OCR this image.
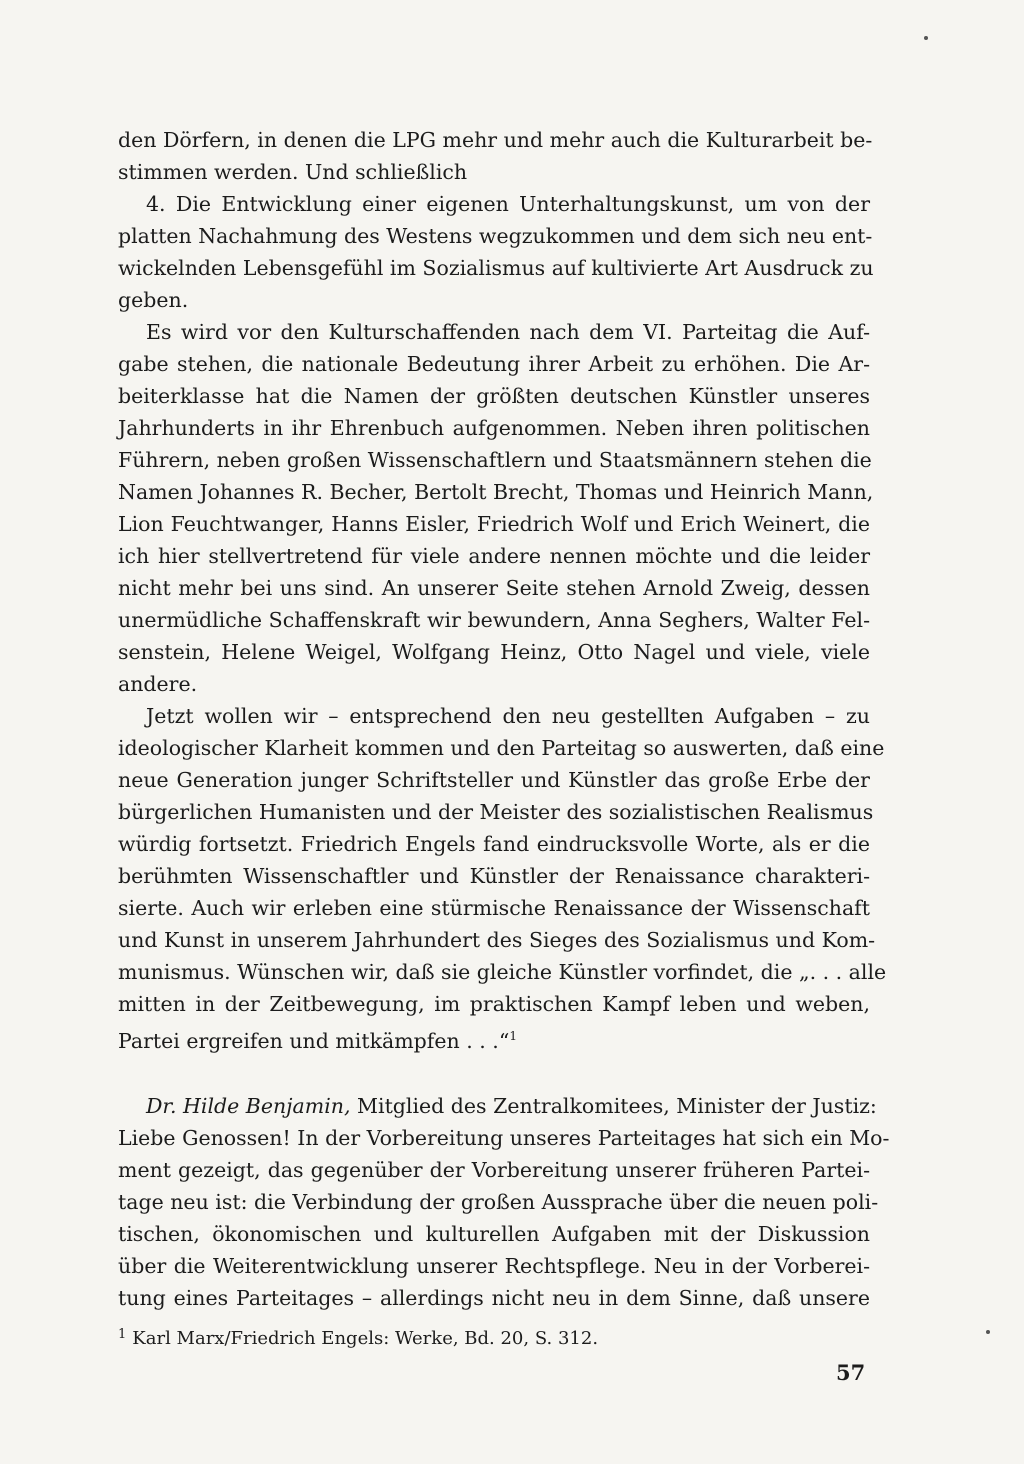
den Dörfern, in denen die LPG mehr und mehr auch die Kulturarbeit be-
stimmen werden. Und schließlich
4. Die Entwicklung einer eigenen Unterhaltungskunst, um von der
platten Nachahmung des Westens wegzukommen und dem sich neu ent-
wickelnden Lebensgefühl im Sozialismus auf kultivierte Art Ausdruck zu
geben.
Es wird vor den Kulturschaffenden nach dem VI. Parteitag die Auf-
gabe stehen, die nationale Bedeutung ihrer Arbeit zu erhöhen. Die Ar-
beiterklasse hat die Namen der größten deutschen Künstler unseres
Jahrhunderts in ihr Ehrenbuch aufgenommen. Neben ihren politischen
Führern, neben großen Wissenschaftlern und Staatsmännern stehen die
Namen Johannes R. Becher, Bertolt Brecht, Thomas und Heinrich Mann,
Lion Feuchtwanger, Hanns Eisler, Friedrich Wolf und Erich Weinert, die
ich hier stellvertretend für viele andere nennen möchte und die leider
nicht mehr bei uns sind. An unserer Seite stehen Arnold Zweig, dessen
unermüdliche Schaffenskraft wir bewundern, Anna Seghers, Walter Fel-
senstein, Helene Weigel, Wolfgang Heinz, Otto Nagel und viele, viele
andere.
Jetzt wollen wir – entsprechend den neu gestellten Aufgaben – zu
ideologischer Klarheit kommen und den Parteitag so auswerten, daß eine
neue Generation junger Schriftsteller und Künstler das große Erbe der
bürgerlichen Humanisten und der Meister des sozialistischen Realismus
würdig fortsetzt. Friedrich Engels fand eindrucksvolle Worte, als er die
berühmten Wissenschaftler und Künstler der Renaissance charakteri-
sierte. Auch wir erleben eine stürmische Renaissance der Wissenschaft
und Kunst in unserem Jahrhundert des Sieges des Sozialismus und Kom-
munismus. Wünschen wir, daß sie gleiche Künstler vorfindet, die „. . . alle
mitten in der Zeitbewegung, im praktischen Kampf leben und weben,
Partei ergreifen und mitkämpfen . . .“$^1$
Dr. Hilde Benjamin, Mitglied des Zentralkomitees, Minister der Justiz:
Liebe Genossen! In der Vorbereitung unseres Parteitages hat sich ein Mo-
ment gezeigt, das gegenüber der Vorbereitung unserer früheren Partei-
tage neu ist: die Verbindung der großen Aussprache über die neuen poli-
tischen, ökonomischen und kulturellen Aufgaben mit der Diskussion
über die Weiterentwicklung unserer Rechtspflege. Neu in der Vorberei-
tung eines Parteitages – allerdings nicht neu in dem Sinne, daß unsere
$^1$ Karl Marx/Friedrich Engels: Werke, Bd. 20, S. 312.
57
